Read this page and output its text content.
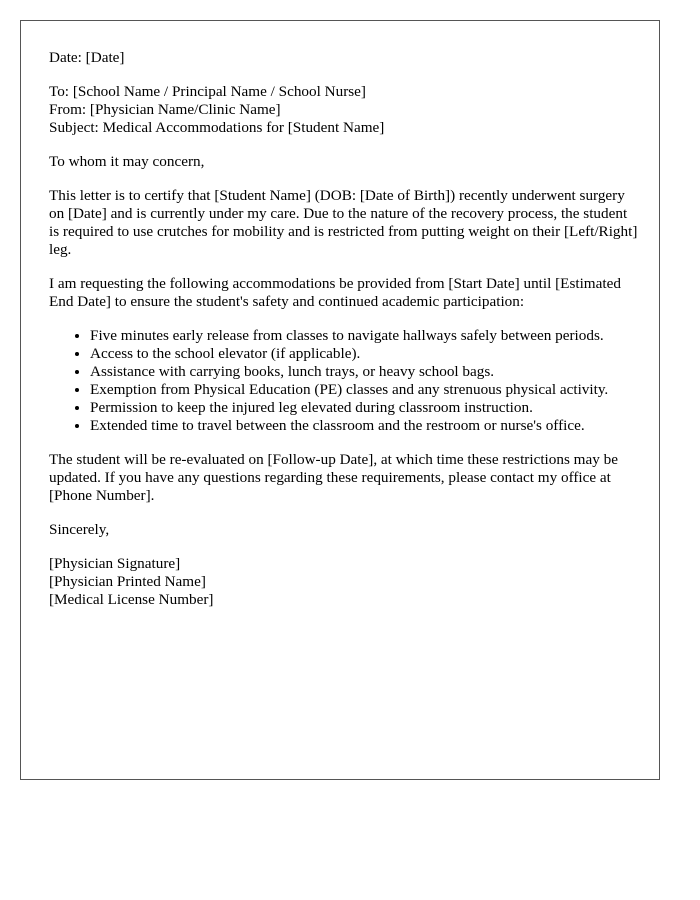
Date: [Date]

To: [School Name / Principal Name / School Nurse]
From: [Physician Name/Clinic Name]
Subject: Medical Accommodations for [Student Name]

To whom it may concern,

This letter is to certify that [Student Name] (DOB: [Date of Birth]) recently underwent surgery on [Date] and is currently under my care. Due to the nature of the recovery process, the student is required to use crutches for mobility and is restricted from putting weight on their [Left/Right] leg.

I am requesting the following accommodations be provided from [Start Date] until [Estimated End Date] to ensure the student's safety and continued academic participation:

• Five minutes early release from classes to navigate hallways safely between periods.
• Access to the school elevator (if applicable).
• Assistance with carrying books, lunch trays, or heavy school bags.
• Exemption from Physical Education (PE) classes and any strenuous physical activity.
• Permission to keep the injured leg elevated during classroom instruction.
• Extended time to travel between the classroom and the restroom or nurse's office.

The student will be re-evaluated on [Follow-up Date], at which time these restrictions may be updated. If you have any questions regarding these requirements, please contact my office at [Phone Number].

Sincerely,

[Physician Signature]
[Physician Printed Name]
[Medical License Number]
